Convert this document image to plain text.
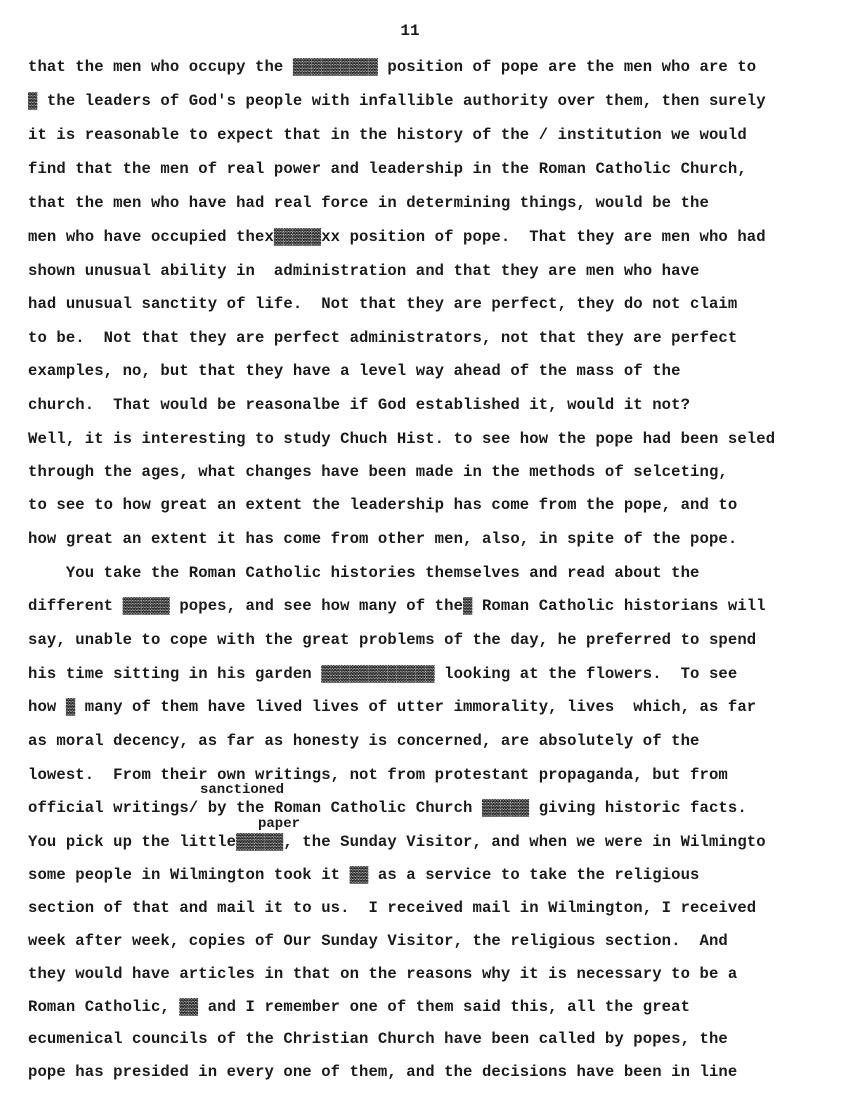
11
that the men who occupy the ▓▓▓▓▓▓▓▓▓ position of pope are the men who are to
▓ the leaders of God's people with infallible authority over them, then surely
it is reasonable to expect that in the history of the / institution we would
find that the men of real power and leadership in the Roman Catholic Church,
that the men who have had real force in determining things, would be the
men who have occupied thex▓▓▓▓▓xx position of pope.  That they are men who had
shown unusual ability in  administration and that they are men who have
had unusual sanctity of life.  Not that they are perfect, they do not claim
to be.  Not that they are perfect administrators, not that they are perfect
examples, no, but that they have a level way ahead of the mass of the
church.  That would be reasonalbe if God established it, would it not?
Well, it is interesting to study Chuch Hist. to see how the pope had been seled
through the ages, what changes have been made in the methods of selceting,
to see to how great an extent the leadership has come from the pope, and to
how great an extent it has come from other men, also, in spite of the pope.
You take the Roman Catholic histories themselves and read about the
different ▓▓▓▓▓ popes, and see how many of the▓ Roman Catholic historians will
say, unable to cope with the great problems of the day, he preferred to spend
his time sitting in his garden ▓▓▓▓▓▓▓▓▓▓▓▓ looking at the flowers.  To see
how ▓ many of them have lived lives of utter immorality, lives  which, as far
as moral decency, as far as honesty is concerned, are absolutely of the
lowest.  From their own writings, not from protestant propaganda, but from
sanctioned
official writings/ by the Roman Catholic Church ▓▓▓▓▓ giving historic facts.
paper
You pick up the little▓▓▓▓▓, the Sunday Visitor, and when we were in Wilmingto
some people in Wilmington took it ▓▓ as a service to take the religious
section of that and mail it to us.  I received mail in Wilmington, I received
week after week, copies of Our Sunday Visitor, the religious section.  And
they would have articles in that on the reasons why it is necessary to be a
Roman Catholic, ▓▓ and I remember one of them said this, all the great
ecumenical councils of the Christian Church have been called by popes, the
pope has presided in every one of them, and the decisions have been in line
